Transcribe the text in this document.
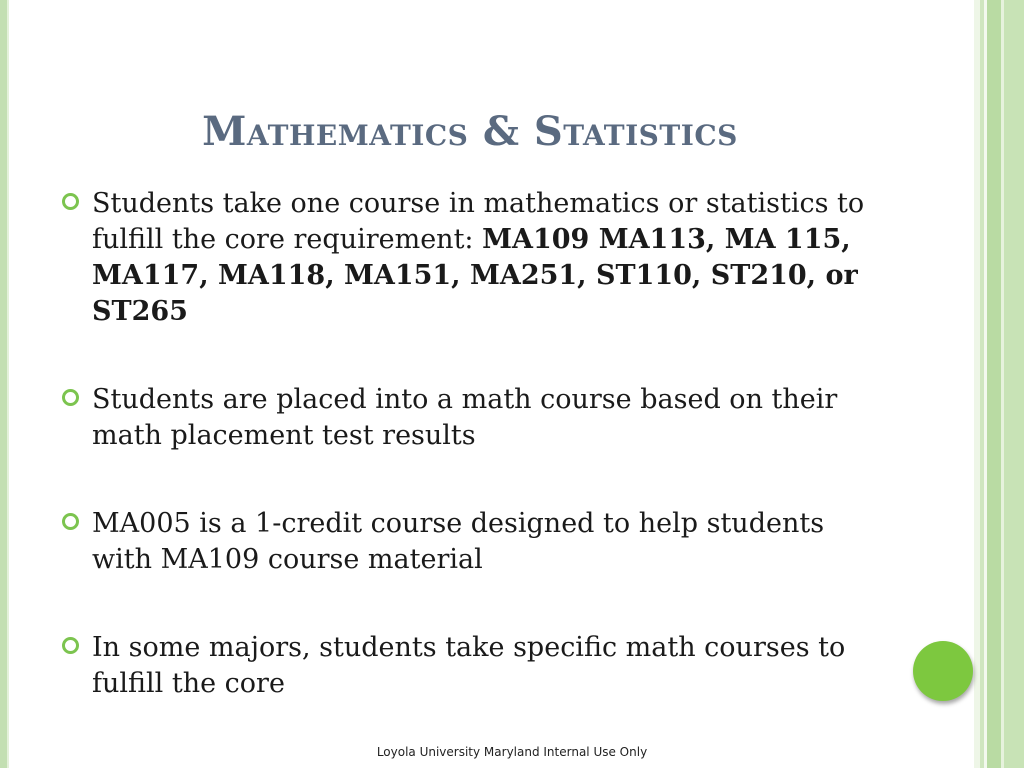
Mathematics & Statistics
Students take one course in mathematics or statistics to fulfill the core requirement: MA109 MA113, MA 115, MA117, MA118, MA151, MA251, ST110, ST210, or ST265
Students are placed into a math course based on their math placement test results
MA005 is a 1-credit course designed to help students with MA109 course material
In some majors, students take specific math courses to fulfill the core
Loyola University Maryland Internal Use Only
